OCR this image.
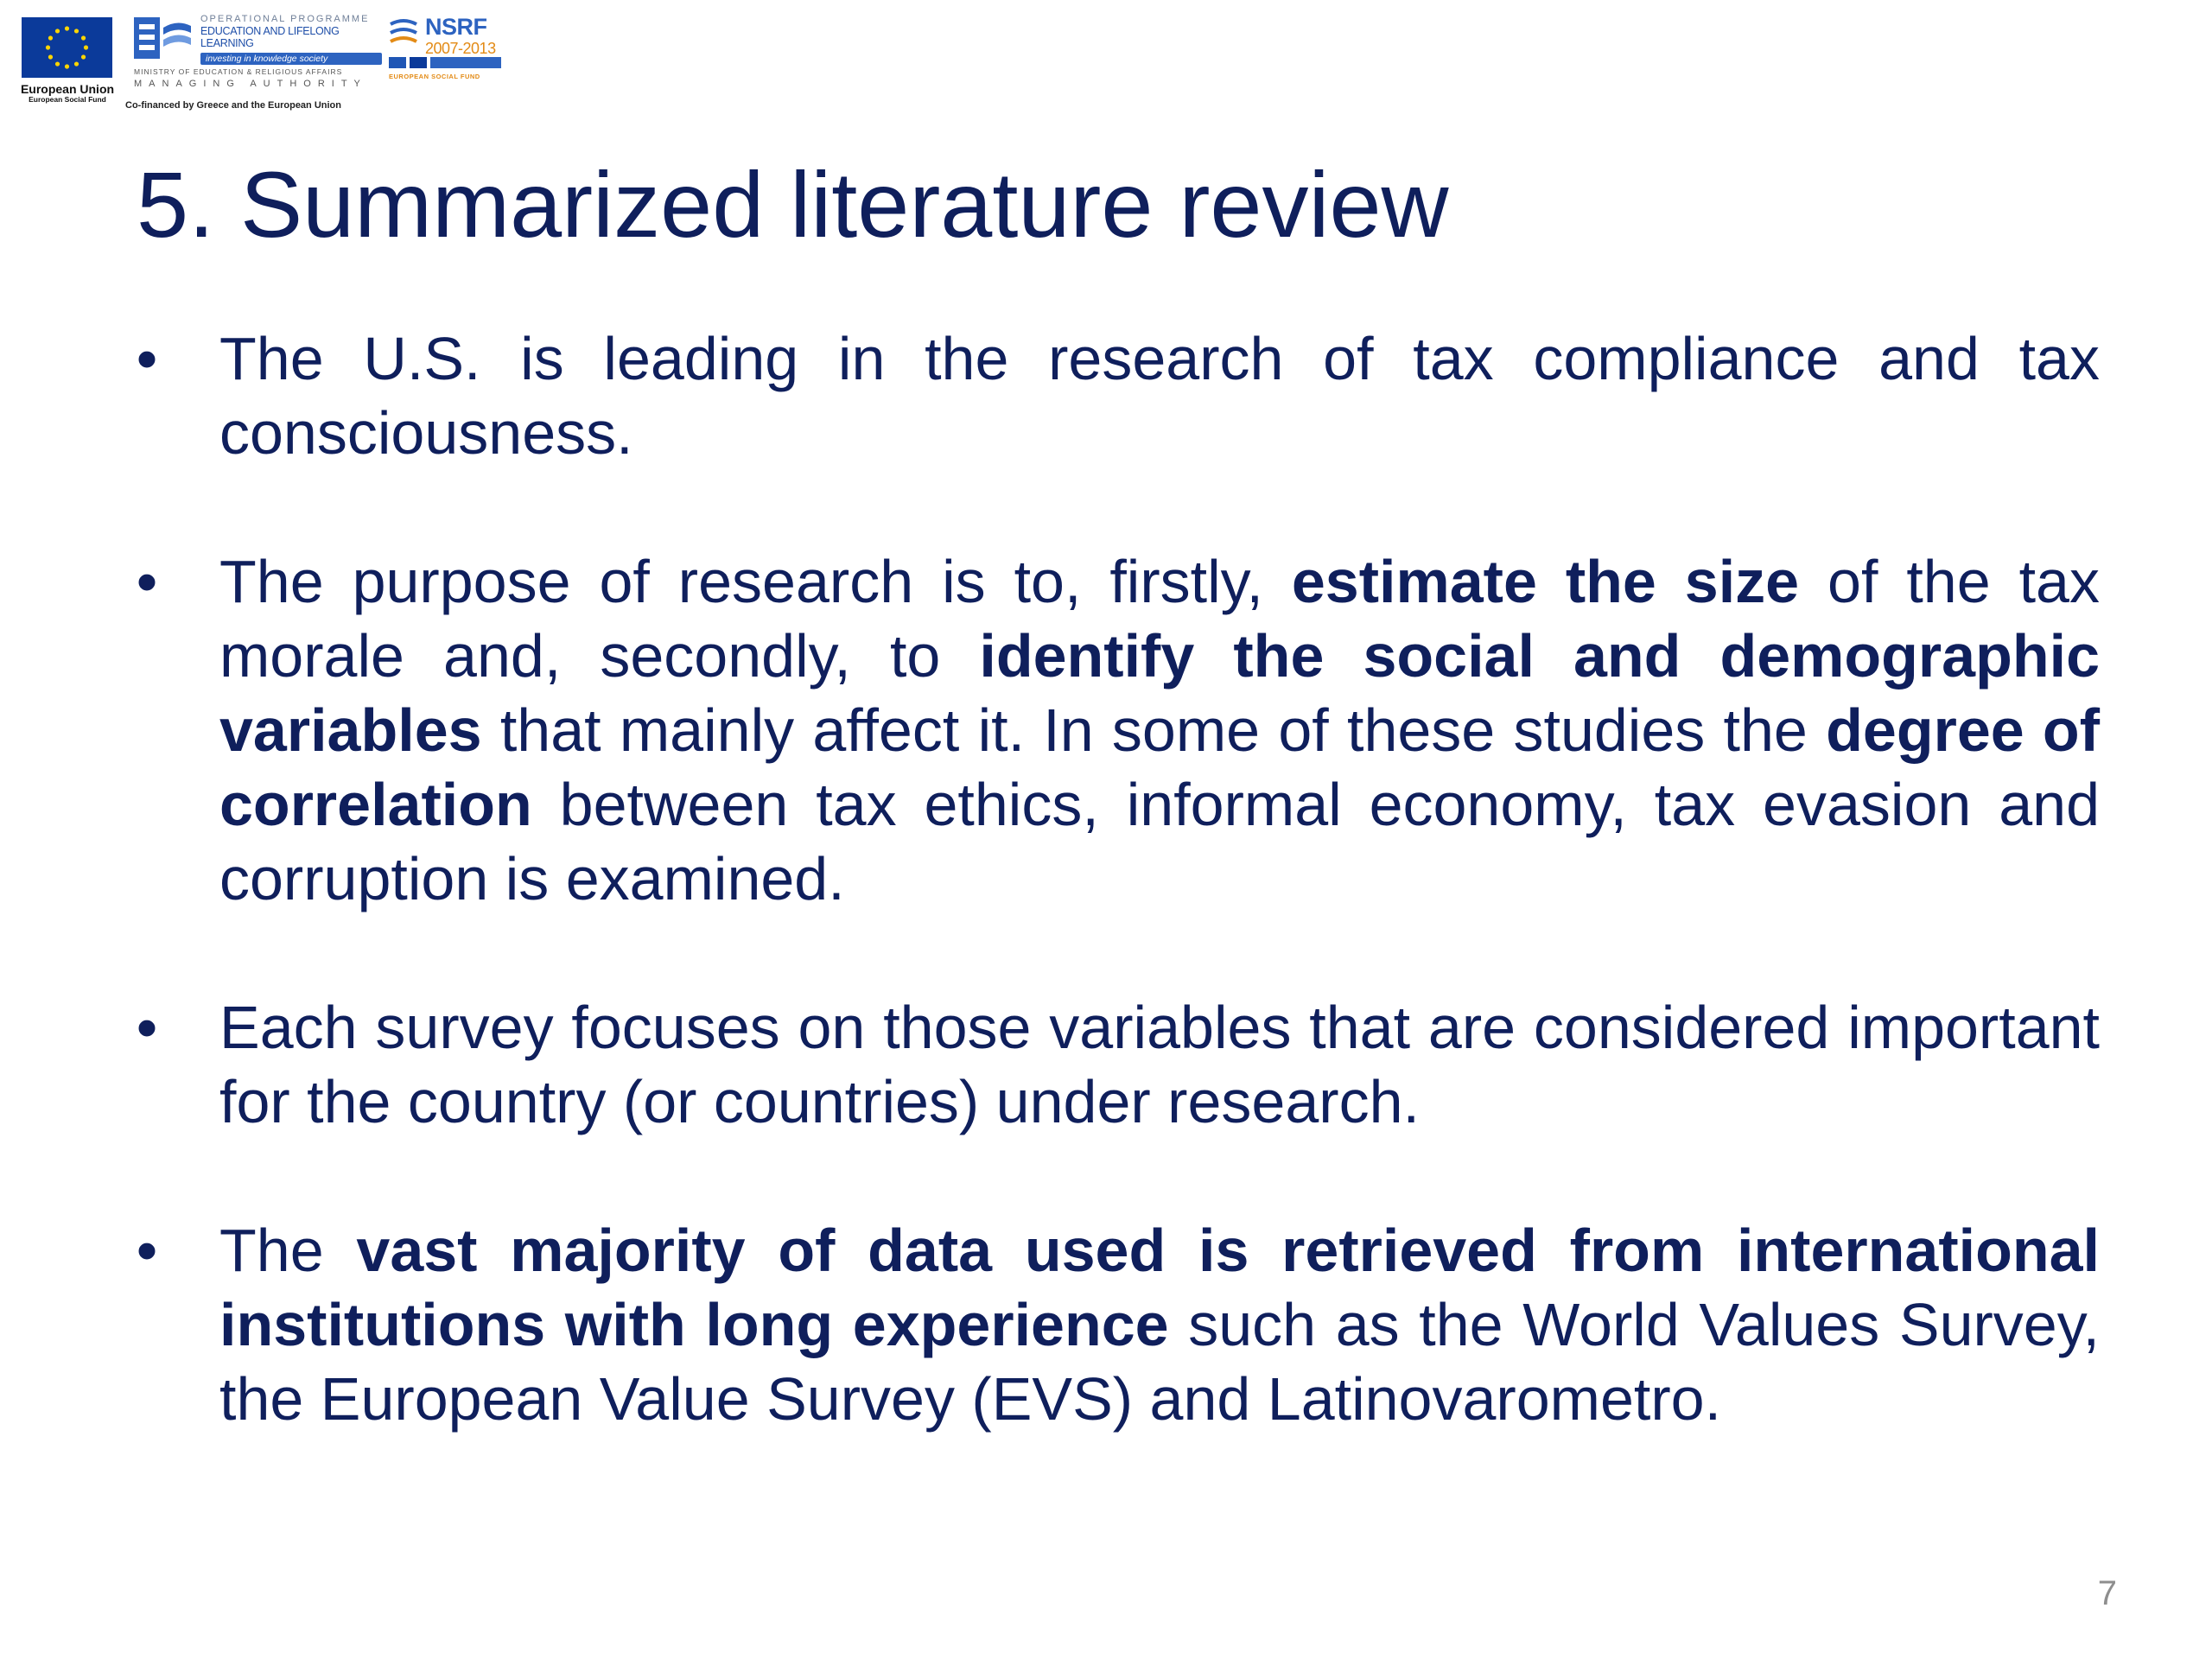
European Union
European Social Fund
OPERATIONAL PROGRAMME
EDUCATION AND LIFELONG LEARNING
investing in knowledge society
MINISTRY OF EDUCATION & RELIGIOUS AFFAIRS
MANAGING AUTHORITY
Co-financed by Greece and the European Union
NSRF
2007-2013
EUROPEAN SOCIAL FUND
5. Summarized literature review
• The U.S. is leading in the research of tax compliance and tax consciousness.
• The purpose of research is to, firstly, estimate the size of the tax morale and, secondly, to identify the social and demographic variables that mainly affect it. In some of these studies the degree of correlation between tax ethics, informal economy, tax evasion and corruption is examined.
• Each survey focuses on those variables that are considered important for the country (or countries) under research.
• The vast majority of data used is retrieved from international institutions with long experience such as the World Values Survey, the European Value Survey (EVS) and Latinovarometro.
7
